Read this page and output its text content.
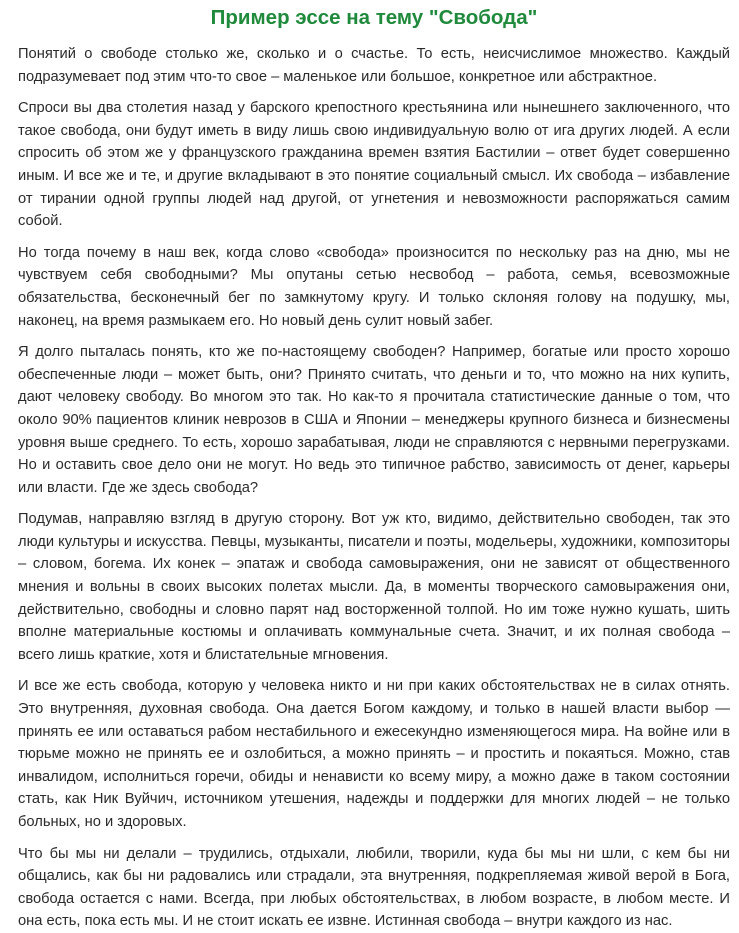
Пример эссе на тему "Свобода"

Понятий о свободе столько же, сколько и о счастье. То есть, неисчислимое множество. Каждый подразумевает под этим что-то свое – маленькое или большое, конкретное или абстрактное.

Спроси вы два столетия назад у барского крепостного крестьянина или нынешнего заключенного, что такое свобода, они будут иметь в виду лишь свою индивидуальную волю от ига других людей. А если спросить об этом же у французского гражданина времен взятия Бастилии – ответ будет совершенно иным. И все же и те, и другие вкладывают в это понятие социальный смысл. Их свобода – избавление от тирании одной группы людей над другой, от угнетения и невозможности распоряжаться самим собой.

Но тогда почему в наш век, когда слово «свобода» произносится по нескольку раз на дню, мы не чувствуем себя свободными? Мы опутаны сетью несвобод – работа, семья, всевозможные обязательства, бесконечный бег по замкнутому кругу. И только склоняя голову на подушку, мы, наконец, на время размыкаем его. Но новый день сулит новый забег.

Я долго пыталась понять, кто же по-настоящему свободен? Например, богатые или просто хорошо обеспеченные люди – может быть, они? Принято считать, что деньги и то, что можно на них купить, дают человеку свободу. Во многом это так. Но как-то я прочитала статистические данные о том, что около 90% пациентов клиник неврозов в США и Японии – менеджеры крупного бизнеса и бизнесмены уровня выше среднего. То есть, хорошо зарабатывая, люди не справляются с нервными перегрузками. Но и оставить свое дело они не могут. Но ведь это типичное рабство, зависимость от денег, карьеры или власти. Где же здесь свобода?

Подумав, направляю взгляд в другую сторону. Вот уж кто, видимо, действительно свободен, так это люди культуры и искусства. Певцы, музыканты, писатели и поэты, модельеры, художники, композиторы – словом, богема. Их конек – эпатаж и свобода самовыражения, они не зависят от общественного мнения и вольны в своих высоких полетах мысли. Да, в моменты творческого самовыражения они, действительно, свободны и словно парят над восторженной толпой. Но им тоже нужно кушать, шить вполне материальные костюмы и оплачивать коммунальные счета. Значит, и их полная свобода – всего лишь краткие, хотя и блистательные мгновения.

И все же есть свобода, которую у человека никто и ни при каких обстоятельствах не в силах отнять. Это внутренняя, духовная свобода. Она дается Богом каждому, и только в нашей власти выбор — принять ее или оставаться рабом нестабильного и ежесекундно изменяющегося мира. На войне или в тюрьме можно не принять ее и озлобиться, а можно принять – и простить и покаяться. Можно, став инвалидом, исполниться горечи, обиды и ненависти ко всему миру, а можно даже в таком состоянии стать, как Ник Вуйчич, источником утешения, надежды и поддержки для многих людей – не только больных, но и здоровых.

Что бы мы ни делали – трудились, отдыхали, любили, творили, куда бы мы ни шли, с кем бы ни общались, как бы ни радовались или страдали, эта внутренняя, подкрепляемая живой верой в Бога, свобода остается с нами. Всегда, при любых обстоятельствах, в любом возрасте, в любом месте. И она есть, пока есть мы. И не стоит искать ее извне. Истинная свобода – внутри каждого из нас.
